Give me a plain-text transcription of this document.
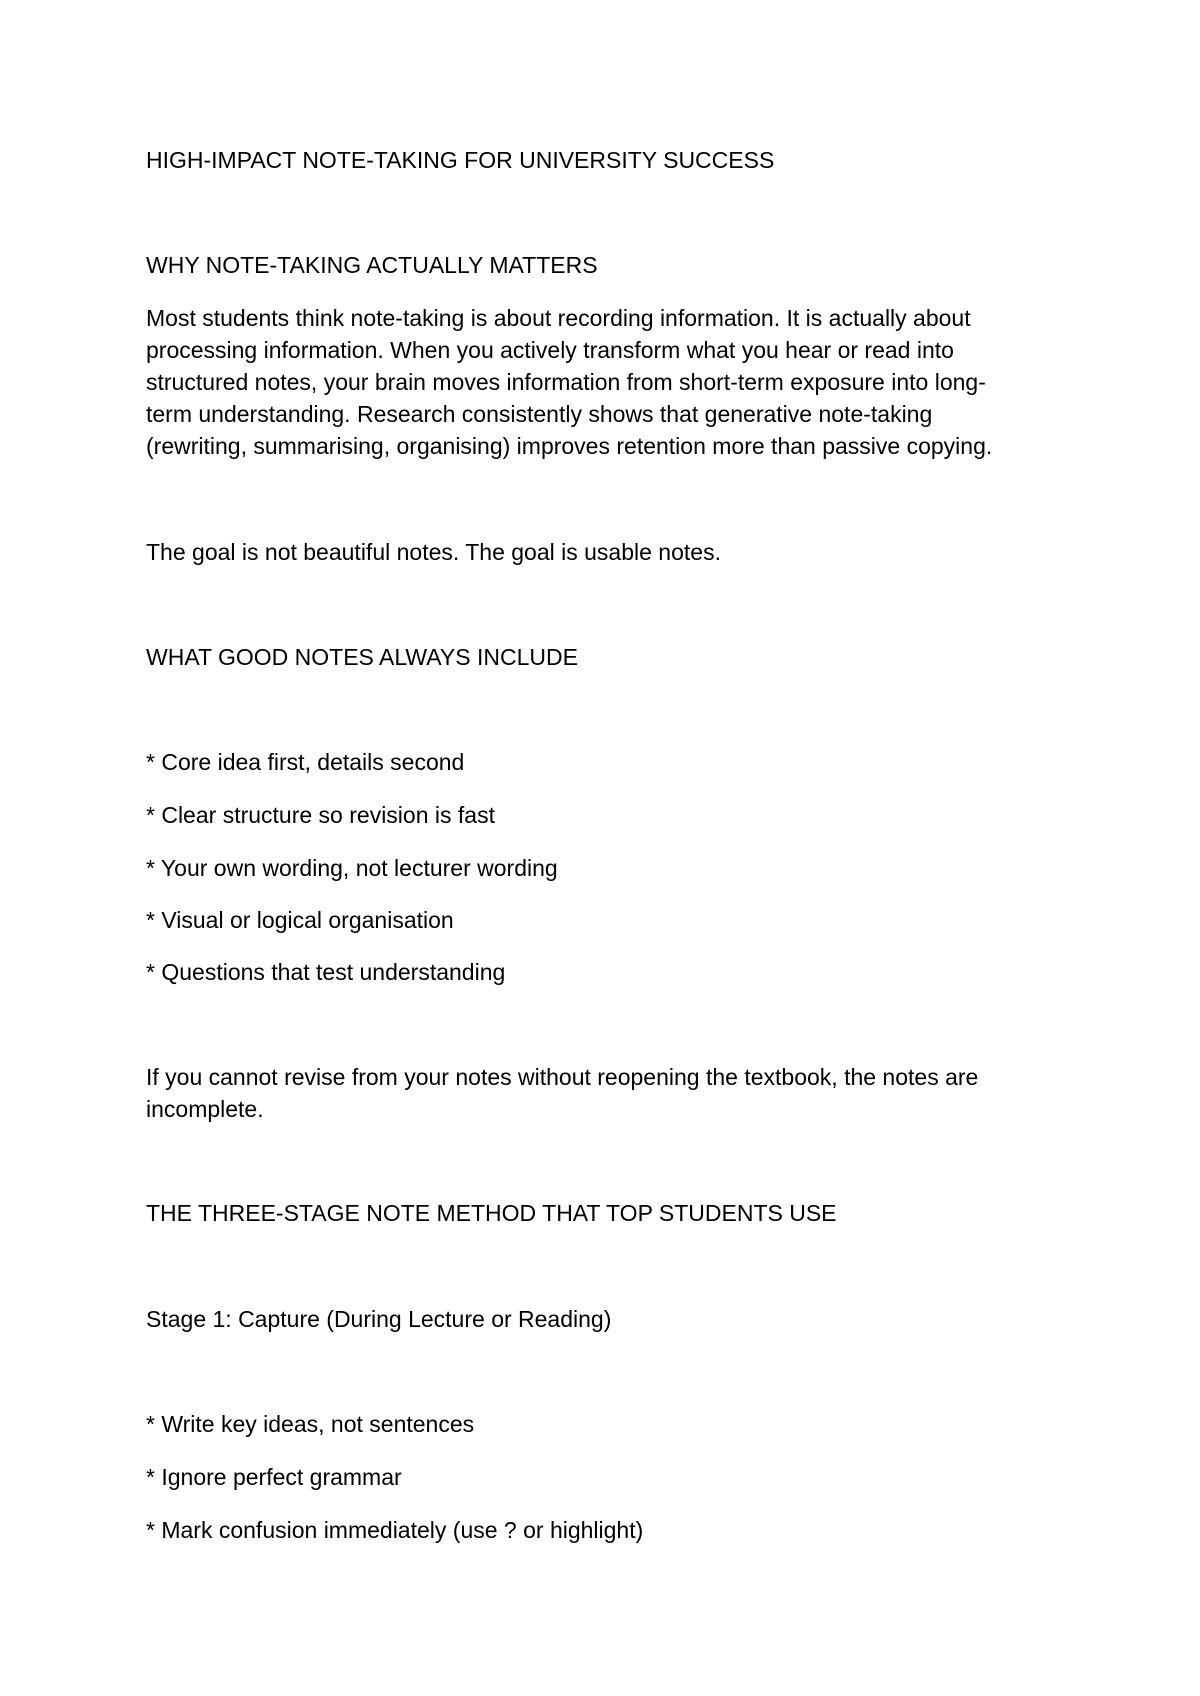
HIGH-IMPACT NOTE-TAKING FOR UNIVERSITY SUCCESS

WHY NOTE-TAKING ACTUALLY MATTERS

Most students think note-taking is about recording information. It is actually about
processing information. When you actively transform what you hear or read into
structured notes, your brain moves information from short-term exposure into long-
term understanding. Research consistently shows that generative note-taking
(rewriting, summarising, organising) improves retention more than passive copying.

The goal is not beautiful notes. The goal is usable notes.

WHAT GOOD NOTES ALWAYS INCLUDE

* Core idea first, details second

* Clear structure so revision is fast

* Your own wording, not lecturer wording

* Visual or logical organisation

* Questions that test understanding

If you cannot revise from your notes without reopening the textbook, the notes are
incomplete.

THE THREE-STAGE NOTE METHOD THAT TOP STUDENTS USE

Stage 1: Capture (During Lecture or Reading)

* Write key ideas, not sentences

* Ignore perfect grammar

* Mark confusion immediately (use ? or highlight)
